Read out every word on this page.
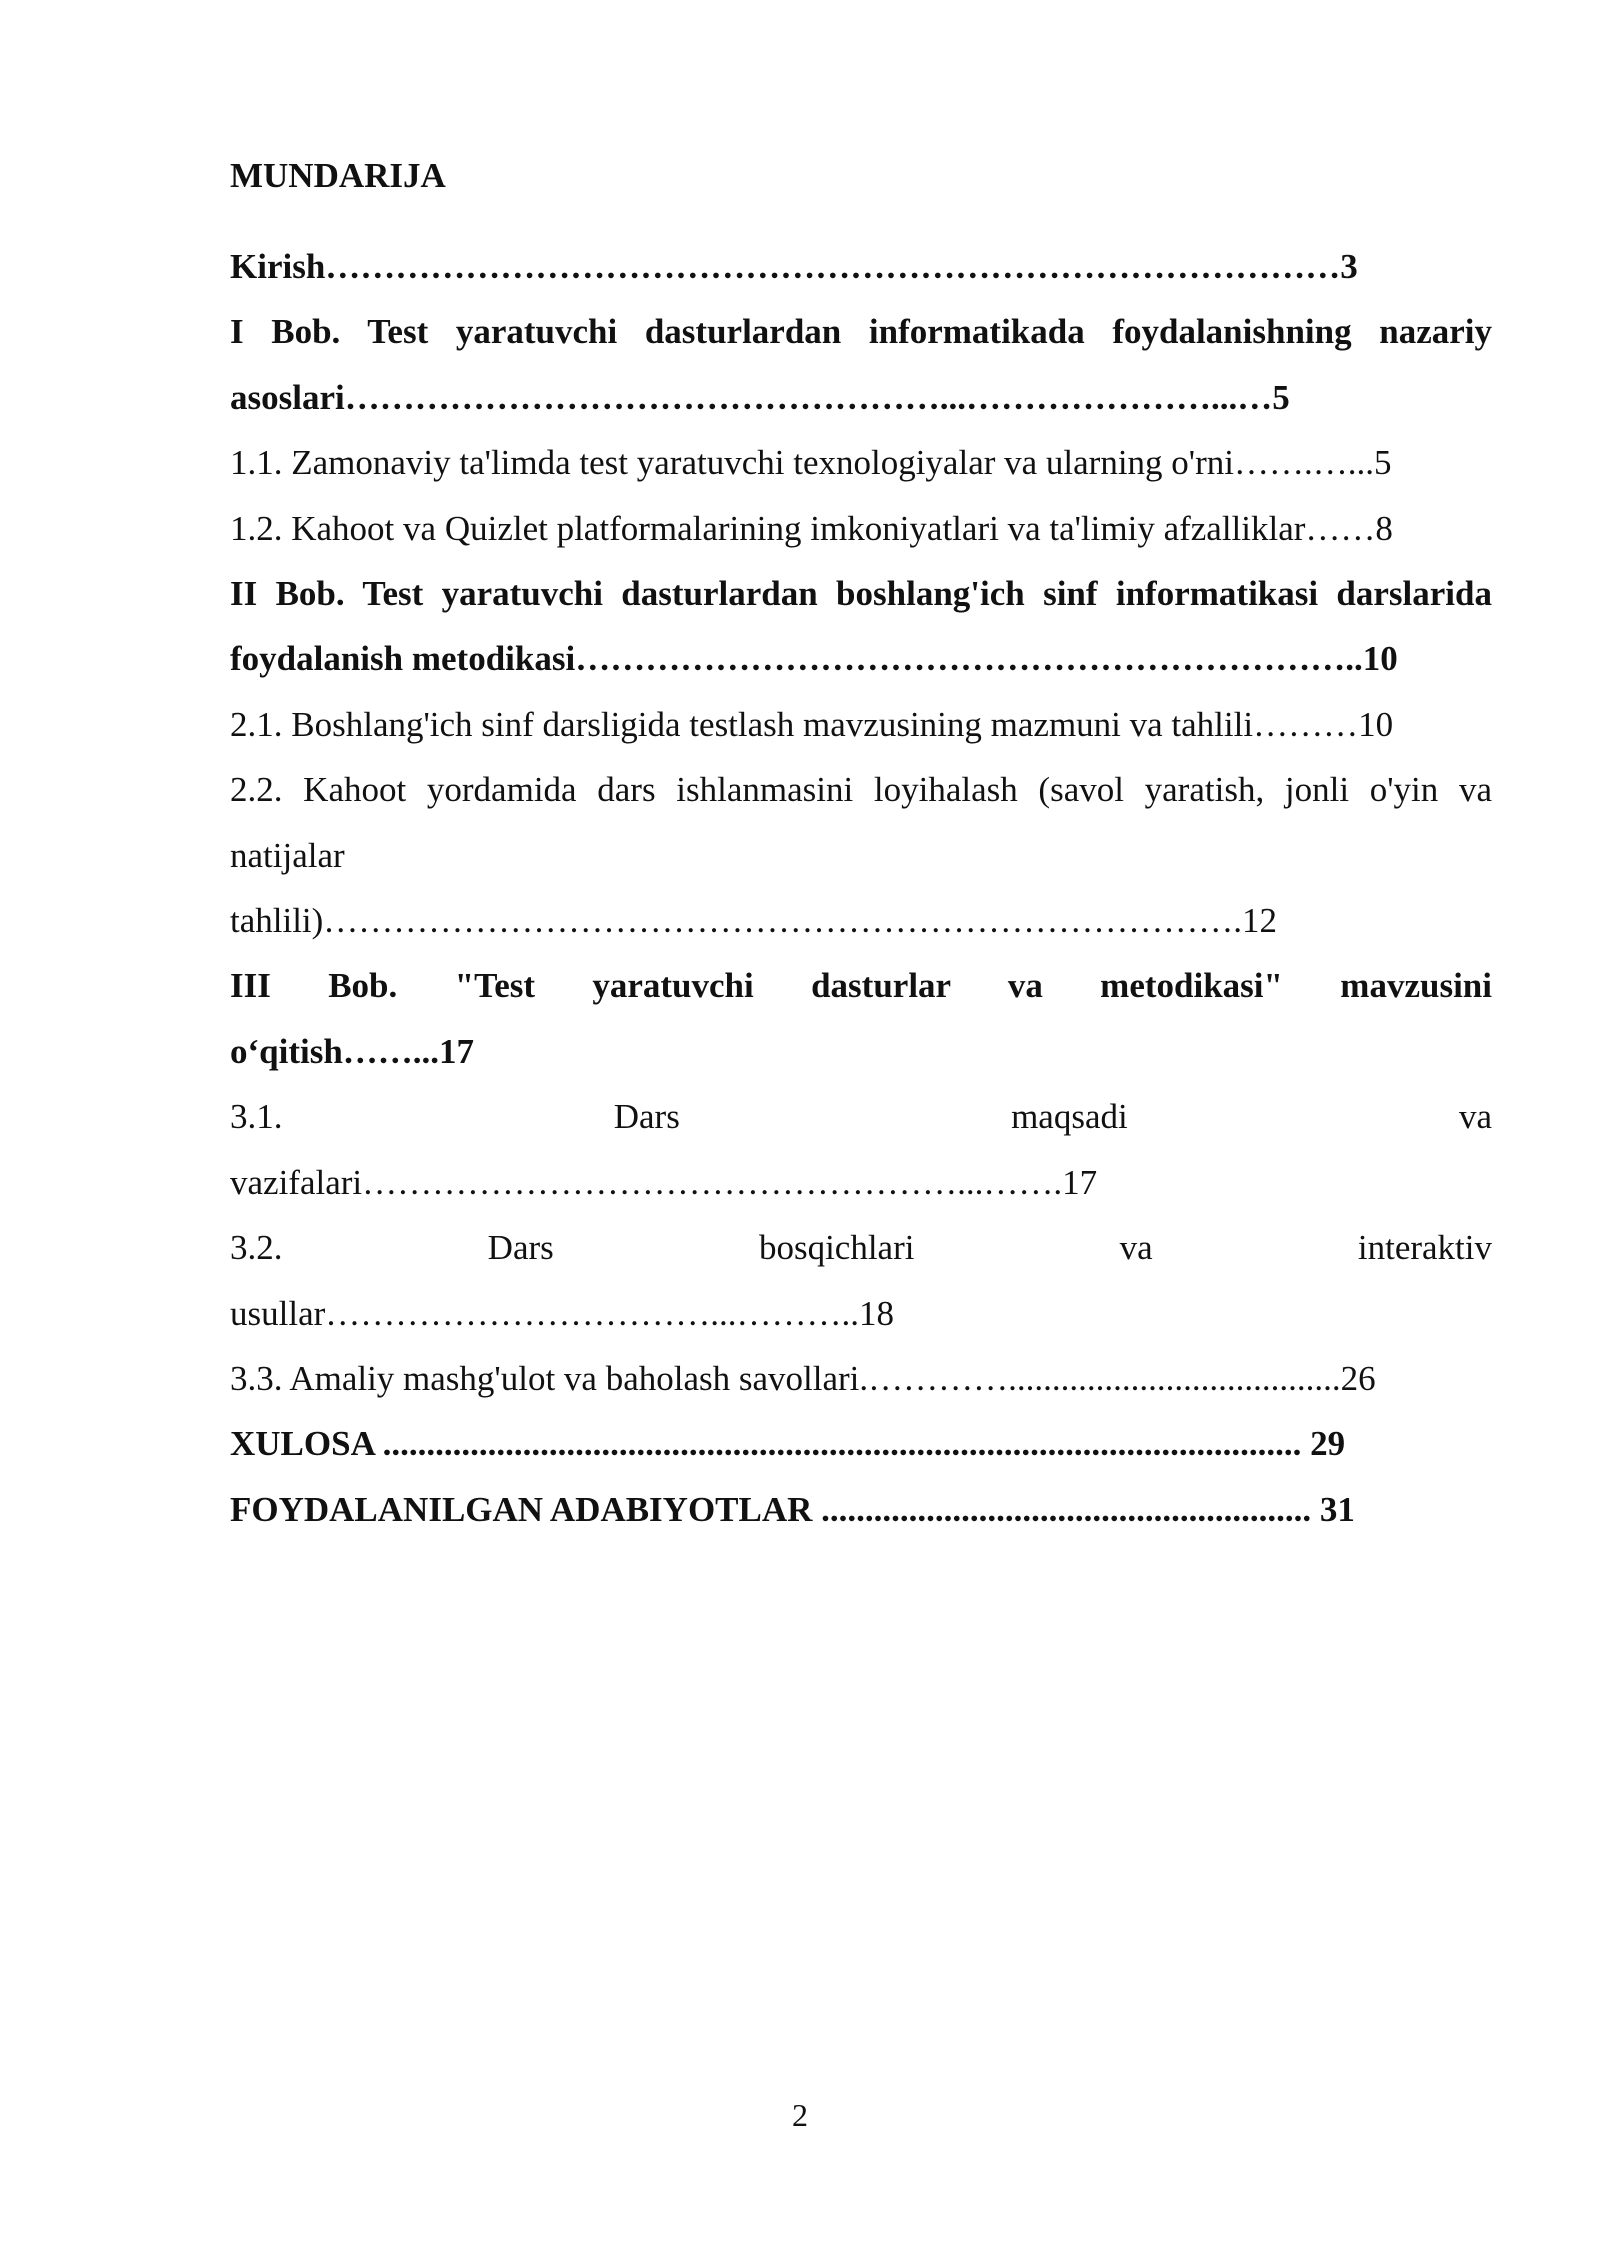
MUNDARIJA
Kirish……………………………………………………………………………3
I Bob. Test yaratuvchi dasturlardan informatikada foydalanishning nazariy
asoslari……………………………………………...…………………...…5
1.1. Zamonaviy ta'limda test yaratuvchi texnologiyalar va ularning o'rni…….…...5
1.2. Kahoot va Quizlet platformalarining imkoniyatlari va ta'limiy afzalliklar……8
II Bob. Test yaratuvchi dasturlardan boshlang'ich sinf informatikasi darslarida
foydalanish metodikasi…………………………………………………………..10
2.1. Boshlang'ich sinf darsligida testlash mavzusining mazmuni va tahlili………10
2.2. Kahoot yordamida dars ishlanmasini loyihalash (savol yaratish, jonli o'yin va
natijalar
tahlili)…………………………………………………………………….12
III Bob. "Test yaratuvchi dasturlar va metodikasi" mavzusini
o‘qitish……...17
3.1. Dars maqsadi va
vazifalari……………………………………………...…….17
3.2. Dars bosqichlari va interaktiv
usullar……………………………...………..18
3.3. Amaliy mashg'ulot va baholash savollari.…………......................................26
XULOSA ......................................................................................................... 29
FOYDALANILGAN ADABIYOTLAR ........................................................ 31
2
